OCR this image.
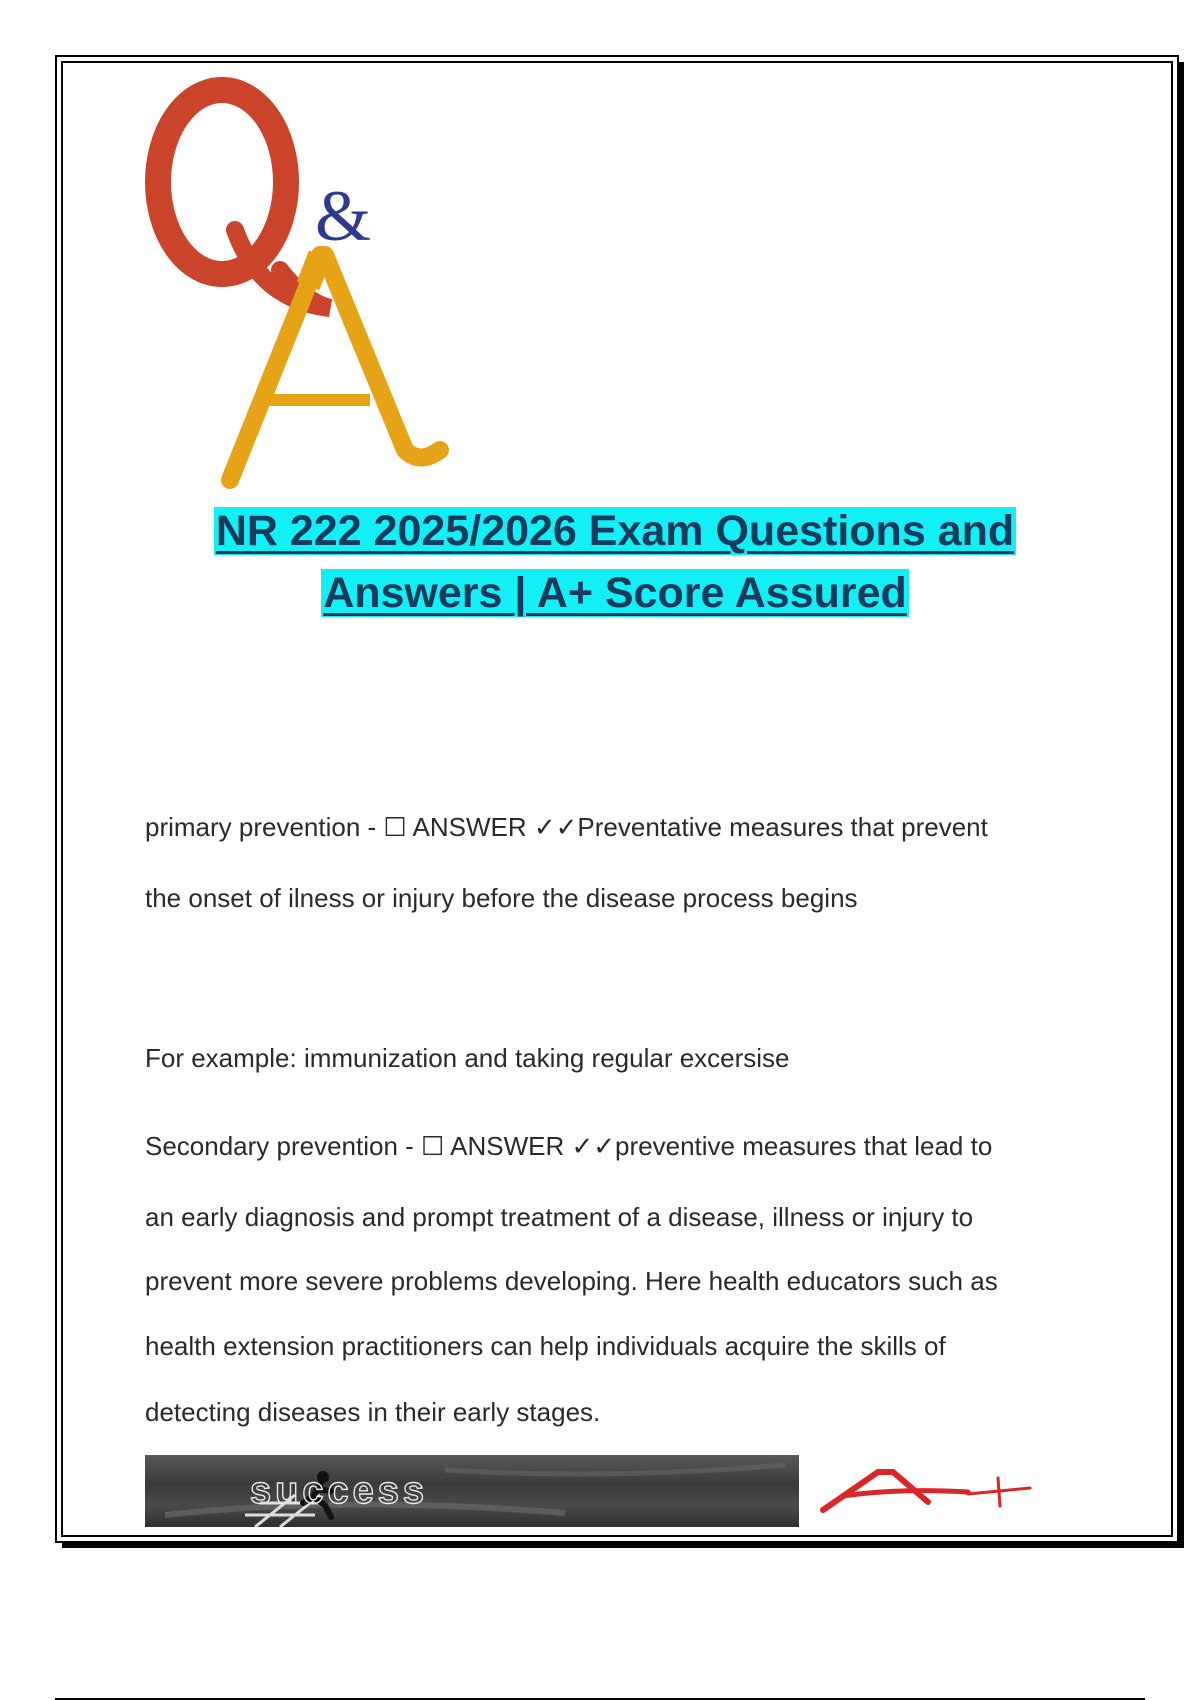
&
NR 222 2025/2026 Exam Questions and
Answers | A+ Score Assured
primary prevention - ☐ ANSWER ✓✓Preventative measures that prevent
the onset of ilness or injury before the disease process begins
For example: immunization and taking regular excersise
Secondary prevention - ☐ ANSWER ✓✓preventive measures that lead to
an early diagnosis and prompt treatment of a disease, illness or injury to
prevent more severe problems developing. Here health educators such as
health extension practitioners can help individuals acquire the skills of
detecting diseases in their early stages.
success
